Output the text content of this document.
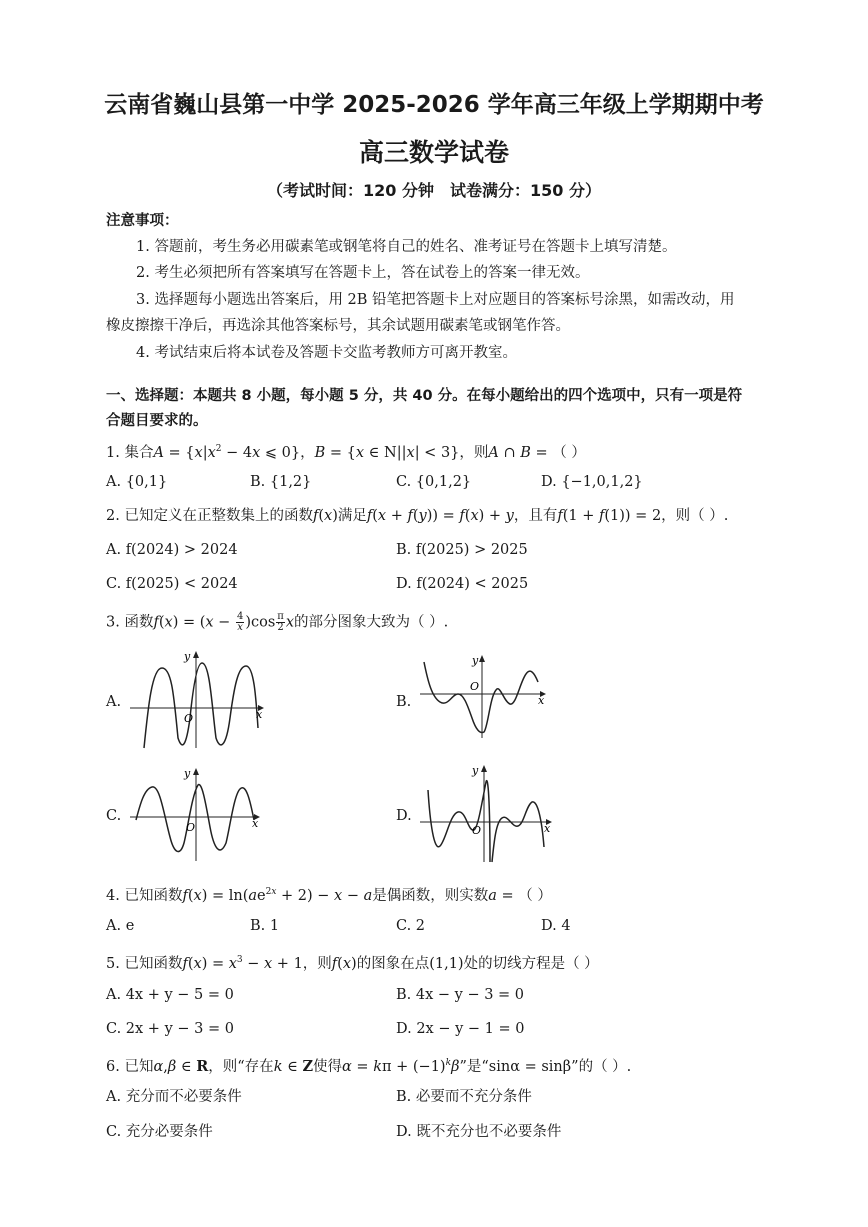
云南省巍山县第一中学 2025-2026 学年高三年级上学期期中考
高三数学试卷
（考试时间：120 分钟　试卷满分：150 分）
注意事项：
1. 答题前，考生务必用碳素笔或钢笔将自己的姓名、准考证号在答题卡上填写清楚。
2. 考生必须把所有答案填写在答题卡上，答在试卷上的答案一律无效。
3. 选择题每小题选出答案后，用 2B 铅笔把答题卡上对应题目的答案标号涂黑，如需改动，用
橡皮擦擦干净后，再选涂其他答案标号，其余试题用碳素笔或钢笔作答。
4. 考试结束后将本试卷及答题卡交监考教师方可离开教室。
一、选择题：本题共 8 小题，每小题 5 分，共 40 分。在每小题给出的四个选项中，只有一项是符
合题目要求的。
1. 集合$A = \{x|x^2 - 4x$ ⩽ 0}，B = {x ∈ N||x| < 3}，则A ∩ B = （ ）
A. {0,1}	B. {1,2}	C. {0,1,2}	D. {−1,0,1,2}
2. 已知定义在正整数集上的函数f(x)满足f(x + f(y)) = f(x) + y，且有f(1 + f(1)) = 2，则（ ）.
A. f(2024) > 2024	B. f(2025) > 2025
C. f(2025) < 2024	D. f(2024) < 2025
3. 函数$f(x) = (x - \frac{4}{x} )\cos \frac{\pi}{2}$ x的部分图象大致为（ ）.
A.	B.
C.	D.
x
y
O
x
y
O
x
y
O	x
y
O
4. 已知函数$f(x) = \ln(ae^{2x} + 2) - x - a$是偶函数，则实数a = （ ）
A. e	B. 1	C. 2	D. 4
5. 已知函数$f(x) = x^3 - x + 1$，则f(x)的图象在点(1,1)处的切线方程是（ ）
A. 4x + y − 5 = 0	B. 4x − y − 3 = 0
C. 2x + y − 3 = 0	D. 2x − y − 1 = 0
6. 已知α,β ∈ R，则“存在k ∈ Z使得$\alpha = k\pi + (-1)^k\beta$”是“sinα = sinβ”的（ ）.
A. 充分而不必要条件	B. 必要而不充分条件
C. 充分必要条件	D. 既不充分也不必要条件
